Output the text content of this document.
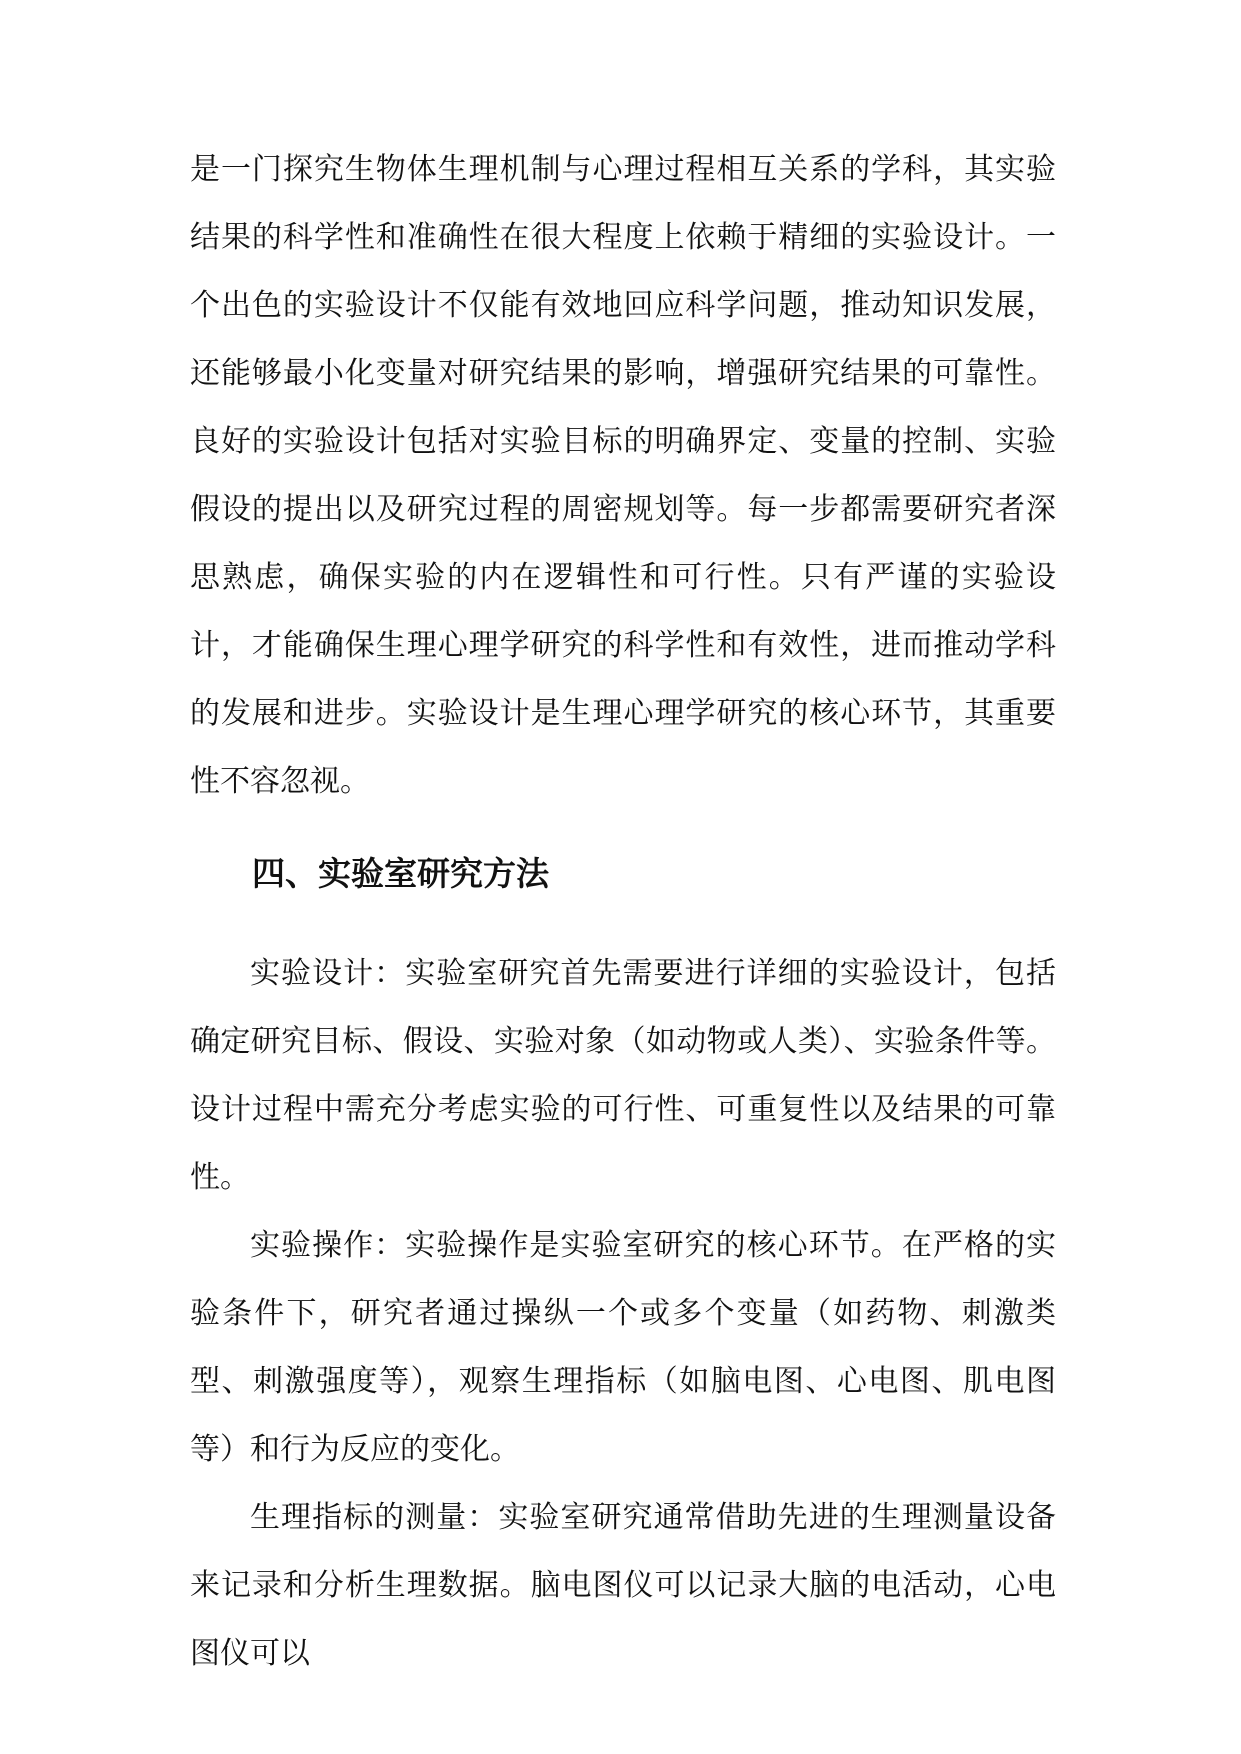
是一门探究生物体生理机制与心理过程相互关系的学科，其实验结果的科学性和准确性在很大程度上依赖于精细的实验设计。一个出色的实验设计不仅能有效地回应科学问题，推动知识发展，还能够最小化变量对研究结果的影响，增强研究结果的可靠性。良好的实验设计包括对实验目标的明确界定、变量的控制、实验假设的提出以及研究过程的周密规划等。每一步都需要研究者深思熟虑，确保实验的内在逻辑性和可行性。只有严谨的实验设计，才能确保生理心理学研究的科学性和有效性，进而推动学科的发展和进步。实验设计是生理心理学研究的核心环节，其重要性不容忽视。

四、实验室研究方法

实验设计：实验室研究首先需要进行详细的实验设计，包括确定研究目标、假设、实验对象（如动物或人类）、实验条件等。设计过程中需充分考虑实验的可行性、可重复性以及结果的可靠性。

实验操作：实验操作是实验室研究的核心环节。在严格的实验条件下，研究者通过操纵一个或多个变量（如药物、刺激类型、刺激强度等），观察生理指标（如脑电图、心电图、肌电图等）和行为反应的变化。

生理指标的测量：实验室研究通常借助先进的生理测量设备来记录和分析生理数据。脑电图仪可以记录大脑的电活动，心电图仪可以
